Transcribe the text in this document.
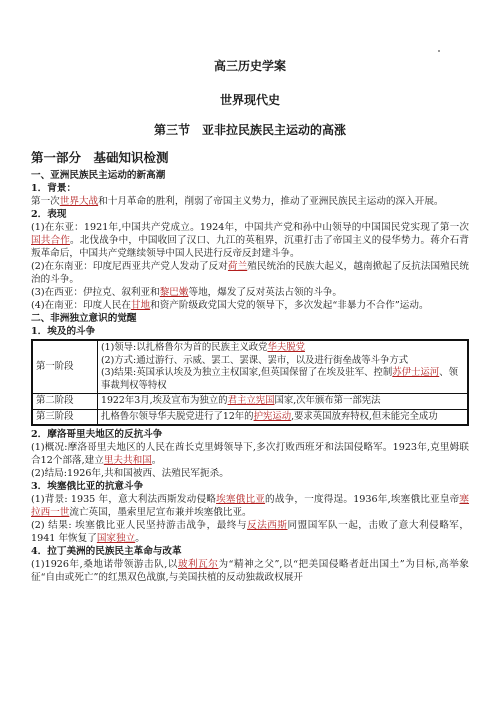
高三历史学案
世界现代史
第三节　亚非拉民族民主运动的高涨
第一部分　基础知识检测
一、亚洲民族民主运动的新高潮
1．背景：

第一次世界大战和十月革命的胜利，削弱了帝国主义势力，推动了亚洲民族民主运动的深入开展。

2．表现

(1)在东亚：1921年,中国共产党成立。1924年，中国共产党和孙中山领导的中国国民党实现了第一次国共合作。北伐战争中，中国收回了汉口、九江的英租界，沉重打击了帝国主义的侵华势力。蒋介石背叛革命后，中国共产党继续领导中国人民进行反帝反封建斗争。

(2)在东南亚：印度尼西亚共产党人发动了反对荷兰殖民统治的民族大起义，越南掀起了反抗法国殖民统治的斗争。

(3)在西亚：伊拉克、叙利亚和黎巴嫩等地，爆发了反对英法占领的斗争。

(4)在南亚：印度人民在甘地和资产阶级政党国大党的领导下，多次发起“非暴力不合作”运动。

二、非洲独立意识的觉醒
1．埃及的斗争
第一阶段	(1)领导:以扎格鲁尔为首的民族主义政党华夫脱党
(2)方式:通过游行、示威、罢工、罢课、罢市，以及进行街垒战等斗争方式
(3)结果:英国承认埃及为独立主权国家,但英国保留了在埃及驻军、控制苏伊士运河、领事裁判权等特权

第二阶段	1922年3月,埃及宣布为独立的君主立宪国国家,次年颁布第一部宪法
第三阶段	扎格鲁尔领导华夫脱党进行了12年的护宪运动,要求英国放弃特权,但未能完全成功
2．摩洛哥里夫地区的反抗斗争

(1)概况:摩洛哥里夫地区的人民在酋长克里姆领导下,多次打败西班牙和法国侵略军。1923年,克里姆联合12个部落,建立里夫共和国。

(2)结局:1926年,共和国被西、法殖民军扼杀。

3．埃塞俄比亚的抗意斗争

(1)背景: 1935 年，意大利法西斯发动侵略埃塞俄比亚的战争，一度得逞。1936年,埃塞俄比亚皇帝塞拉西一世流亡英国，墨索里尼宣布兼并埃塞俄比亚。

(2) 结果: 埃塞俄比亚人民坚持游击战争，最终与反法西斯同盟国军队一起，击败了意大利侵略军，1941 年恢复了国家独立。

4．拉丁美洲的民族民主革命与改革

(1)1926年,桑地诺带领游击队,以玻利瓦尔为“精神之父”,以“把美国侵略者赶出国土”为目标,高举象征“自由或死亡”的红黑双色战旗,与美国扶植的反动独裁政权展开
